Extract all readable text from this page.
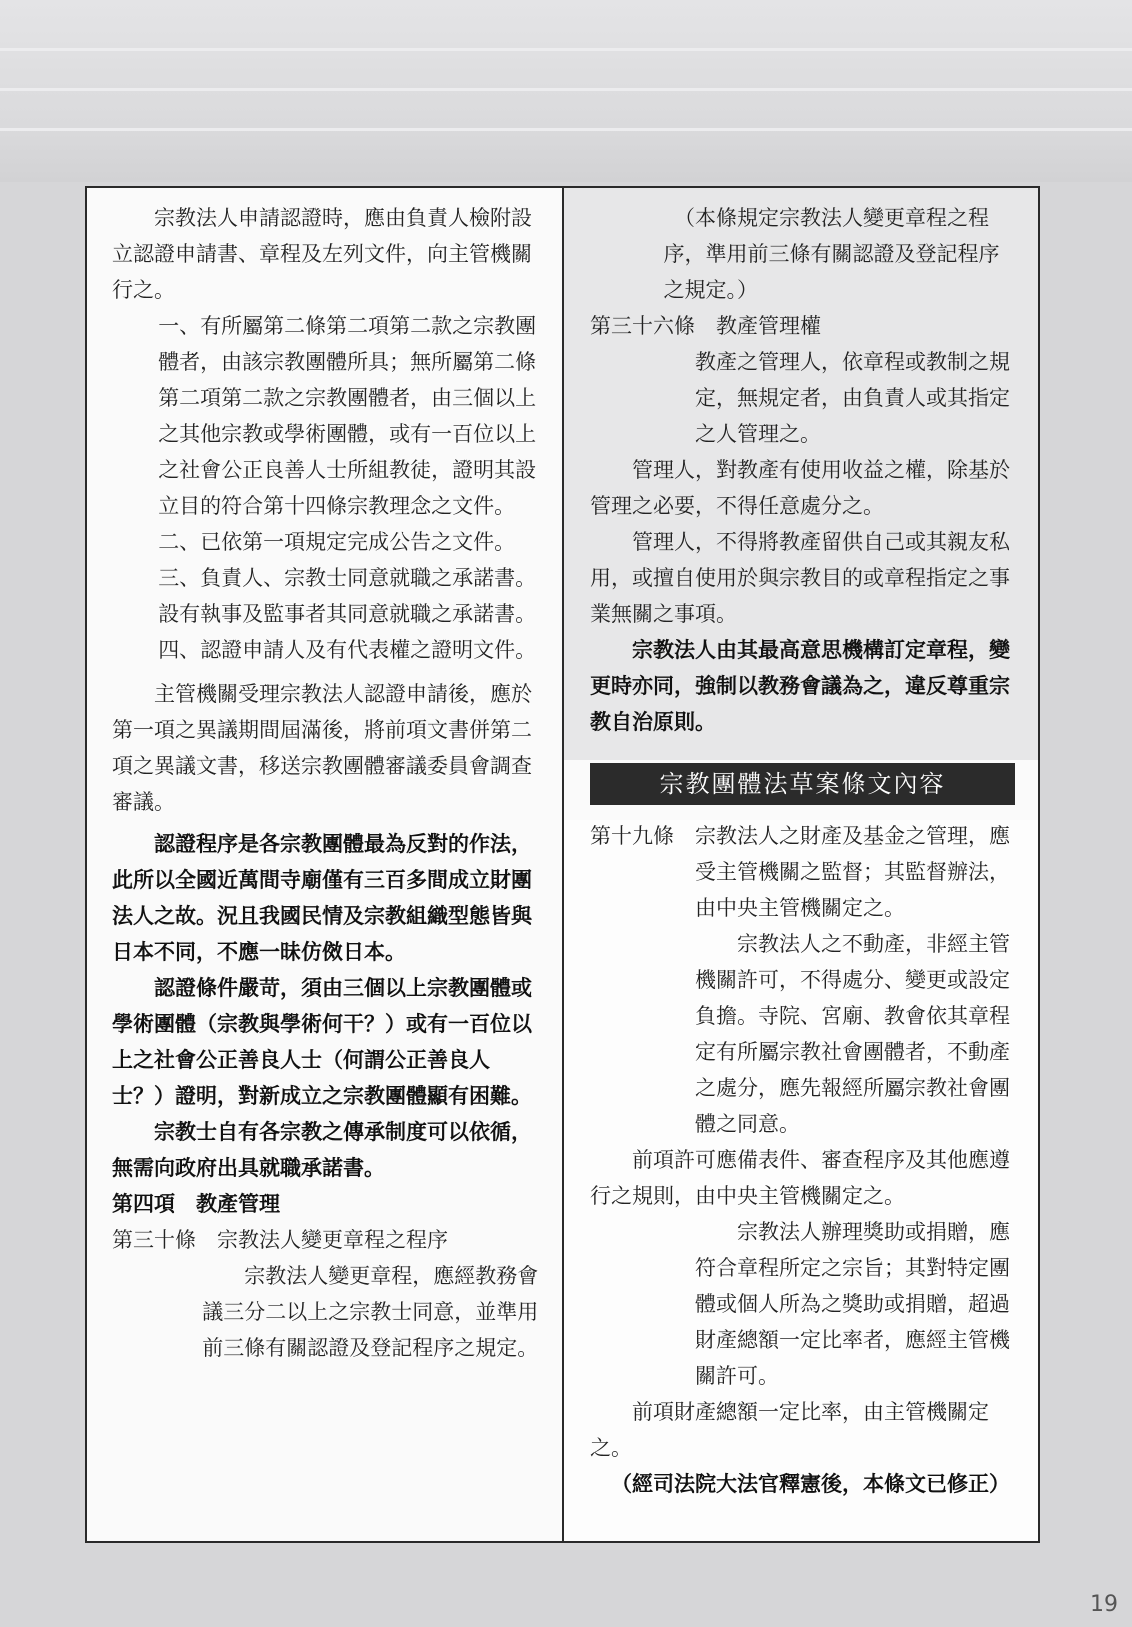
宗教法人申請認證時，應由負責人檢附設立認證申請書、章程及左列文件，向主管機關行之。

一、有所屬第二條第二項第二款之宗教團體者，由該宗教團體所具；無所屬第二條第二項第二款之宗教團體者，由三個以上之其他宗教或學術團體，或有一百位以上之社會公正良善人士所組教徒，證明其設立目的符合第十四條宗教理念之文件。

二、已依第一項規定完成公告之文件。

三、負責人、宗教士同意就職之承諾書。設有執事及監事者其同意就職之承諾書。

四、認證申請人及有代表權之證明文件。

主管機關受理宗教法人認證申請後，應於第一項之異議期間屆滿後，將前項文書併第二項之異議文書，移送宗教團體審議委員會調查審議。

認證程序是各宗教團體最為反對的作法，此所以全國近萬間寺廟僅有三百多間成立財團法人之故。況且我國民情及宗教組織型態皆與日本不同，不應一昧仿傚日本。

認證條件嚴苛，須由三個以上宗教團體或學術團體（宗教與學術何干？）或有一百位以上之社會公正善良人士（何謂公正善良人士？）證明，對新成立之宗教團體顯有困難。

宗教士自有各宗教之傳承制度可以依循，無需向政府出具就職承諾書。

第四項　教產管理

第三十條　宗教法人變更章程之程序

宗教法人變更章程，應經教務會議三分二以上之宗教士同意，並準用前三條有關認證及登記程序之規定。

（本條規定宗教法人變更章程之程序，準用前三條有關認證及登記程序之規定。）

第三十六條　教產管理權

教產之管理人，依章程或教制之規定，無規定者，由負責人或其指定之人管理之。

管理人，對教產有使用收益之權，除基於管理之必要，不得任意處分之。

管理人，不得將教產留供自己或其親友私用，或擅自使用於與宗教目的或章程指定之事業無關之事項。

宗教法人由其最高意思機構訂定章程，變更時亦同，強制以教務會議為之，違反尊重宗教自治原則。

宗教團體法草案條文內容

第十九條 宗教法人之財產及基金之管理，應受主管機關之監督；其監督辦法，由中央主管機關定之。

宗教法人之不動產，非經主管機關許可，不得處分、變更或設定負擔。寺院、宮廟、教會依其章程定有所屬宗教社會團體者，不動產之處分，應先報經所屬宗教社會團體之同意。

前項許可應備表件、審查程序及其他應遵行之規則，由中央主管機關定之。

宗教法人辦理獎助或捐贈，應符合章程所定之宗旨；其對特定團體或個人所為之獎助或捐贈，超過財產總額一定比率者，應經主管機關許可。

前項財產總額一定比率，由主管機關定之。

（經司法院大法官釋憲後，本條文已修正）

19
